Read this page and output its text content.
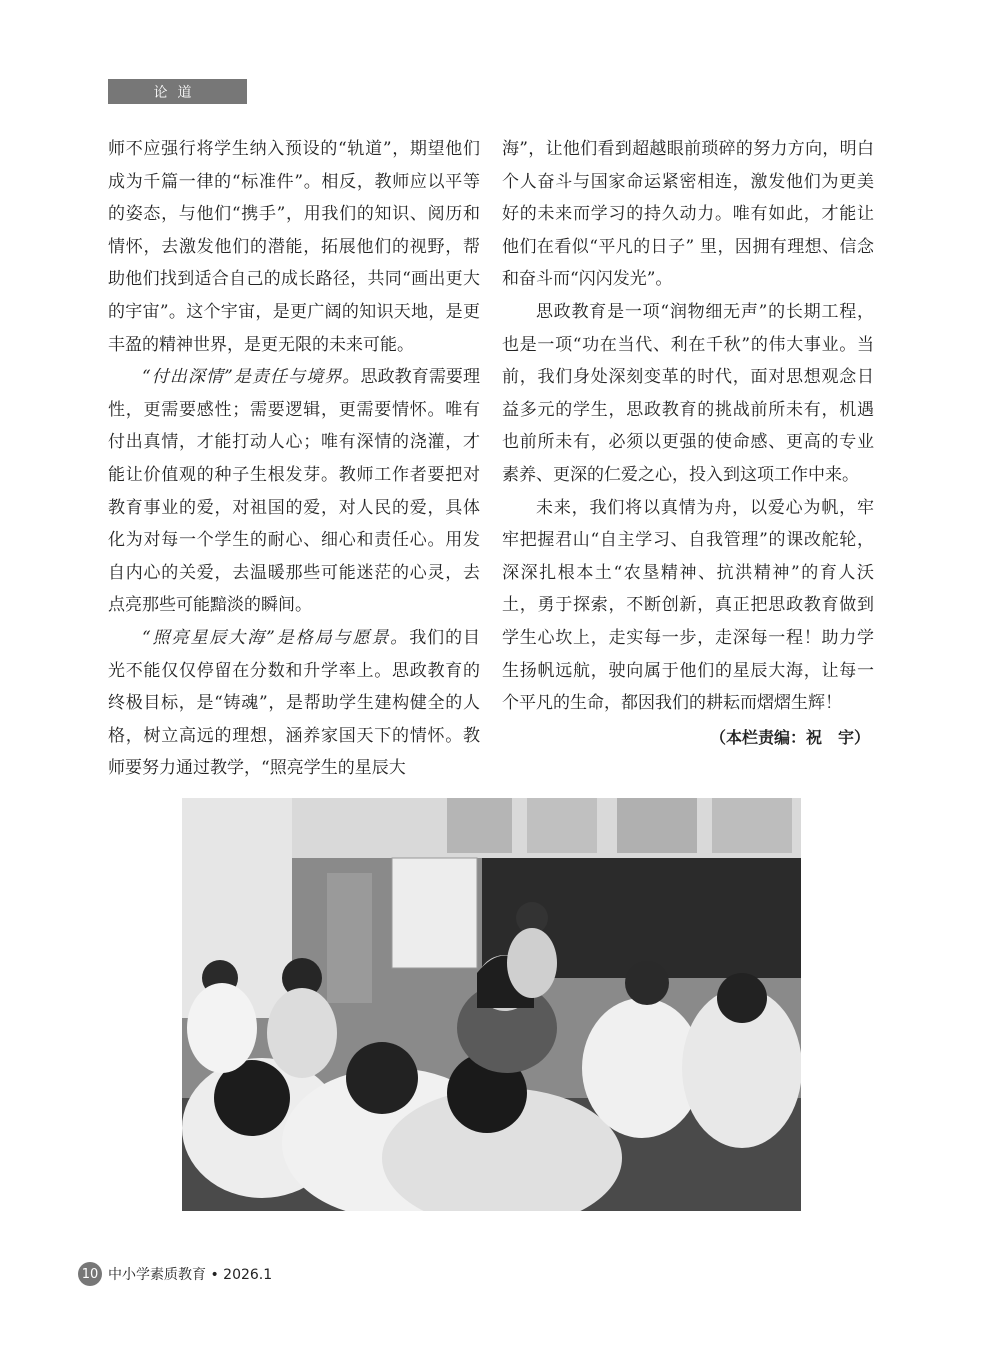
论道

师不应强行将学生纳入预设的“轨道”，期望他们成为千篇一律的“标准件”。相反，教师应以平等的姿态，与他们“携手”，用我们的知识、阅历和情怀，去激发他们的潜能，拓展他们的视野，帮助他们找到适合自己的成长路径，共同“画出更大的宇宙”。这个宇宙，是更广阔的知识天地，是更丰盈的精神世界，是更无限的未来可能。

“付出深情”是责任与境界。思政教育需要理性，更需要感性；需要逻辑，更需要情怀。唯有付出真情，才能打动人心；唯有深情的浇灌，才能让价值观的种子生根发芽。教师工作者要把对教育事业的爱，对祖国的爱，对人民的爱，具体化为对每一个学生的耐心、细心和责任心。用发自内心的关爱，去温暖那些可能迷茫的心灵，去点亮那些可能黯淡的瞬间。

“照亮星辰大海”是格局与愿景。我们的目光不能仅仅停留在分数和升学率上。思政教育的终极目标，是“铸魂”，是帮助学生建构健全的人格，树立高远的理想，涵养家国天下的情怀。教师要努力通过教学，“照亮学生的星辰大

海”，让他们看到超越眼前琐碎的努力方向，明白个人奋斗与国家命运紧密相连，激发他们为更美好的未来而学习的持久动力。唯有如此，才能让他们在看似“平凡的日子” 里，因拥有理想、信念和奋斗而“闪闪发光”。

思政教育是一项“润物细无声”的长期工程，也是一项“功在当代、利在千秋”的伟大事业。当前，我们身处深刻变革的时代，面对思想观念日益多元的学生，思政教育的挑战前所未有，机遇也前所未有，必须以更强的使命感、更高的专业素养、更深的仁爱之心，投入到这项工作中来。

未来，我们将以真情为舟，以爱心为帆，牢牢把握君山“自主学习、自我管理”的课改舵轮，深深扎根本土“农垦精神、抗洪精神”的育人沃土，勇于探索，不断创新，真正把思政教育做到学生心坎上，走实每一步，走深每一程！助力学生扬帆远航，驶向属于他们的星辰大海，让每一个平凡的生命，都因我们的耕耘而熠熠生辉！

（本栏责编：祝　宇）

10 中小学素质教育 • 2026.1
